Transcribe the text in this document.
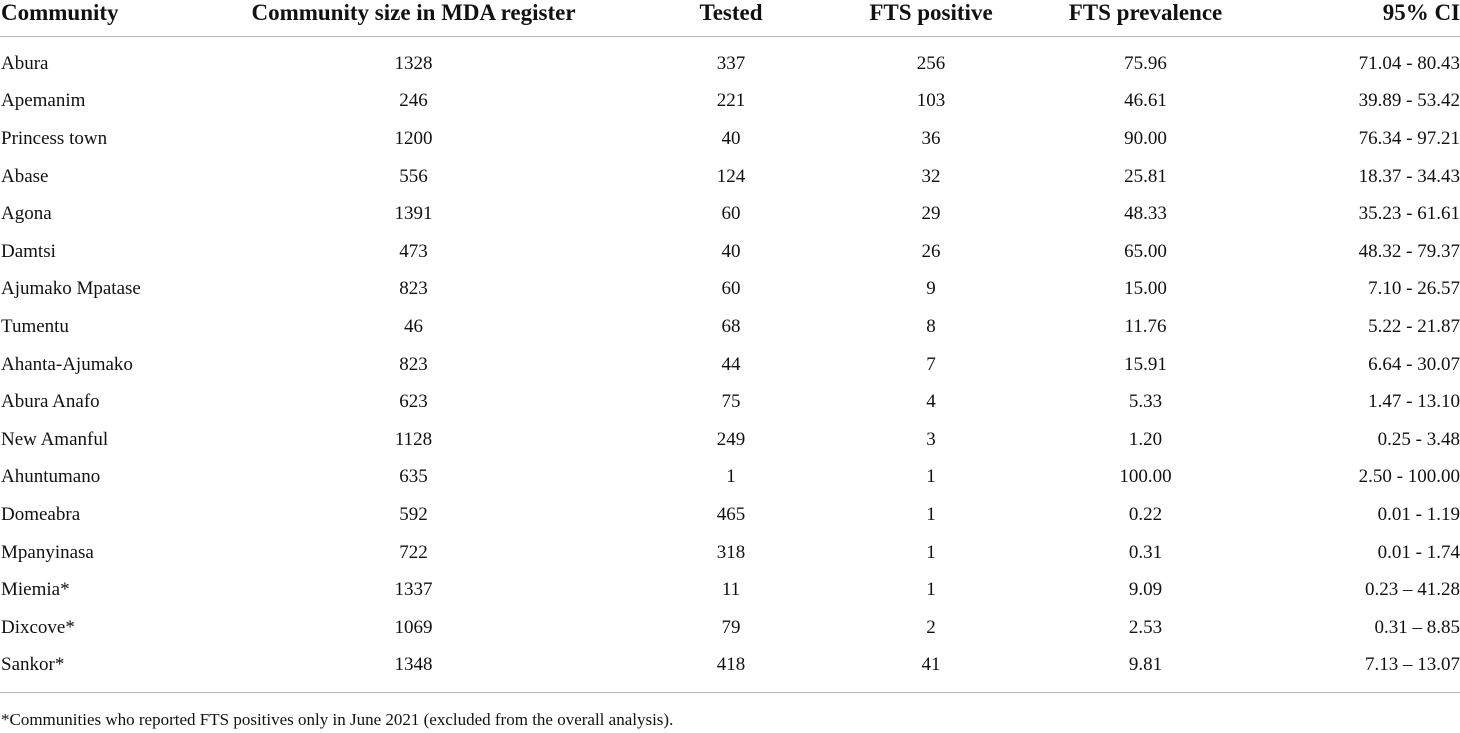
Community	Community size in MDA register	Tested	FTS positive	FTS prevalence	95% CI
Abura	1328	337	256	75.96	71.04 - 80.43
Apemanim	246	221	103	46.61	39.89 - 53.42
Princess town	1200	40	36	90.00	76.34 - 97.21
Abase	556	124	32	25.81	18.37 - 34.43
Agona	1391	60	29	48.33	35.23 - 61.61
Damtsi	473	40	26	65.00	48.32 - 79.37
Ajumako Mpatase	823	60	9	15.00	7.10 - 26.57
Tumentu	46	68	8	11.76	5.22 - 21.87
Ahanta-Ajumako	823	44	7	15.91	6.64 - 30.07
Abura Anafo	623	75	4	5.33	1.47 - 13.10
New Amanful	1128	249	3	1.20	0.25 - 3.48
Ahuntumano	635	1	1	100.00	2.50 - 100.00
Domeabra	592	465	1	0.22	0.01 - 1.19
Mpanyinasa	722	318	1	0.31	0.01 - 1.74
Miemia*	1337	11	1	9.09	0.23 – 41.28
Dixcove*	1069	79	2	2.53	0.31 – 8.85
Sankor*	1348	418	41	9.81	7.13 – 13.07
*Communities who reported FTS positives only in June 2021 (excluded from the overall analysis).
